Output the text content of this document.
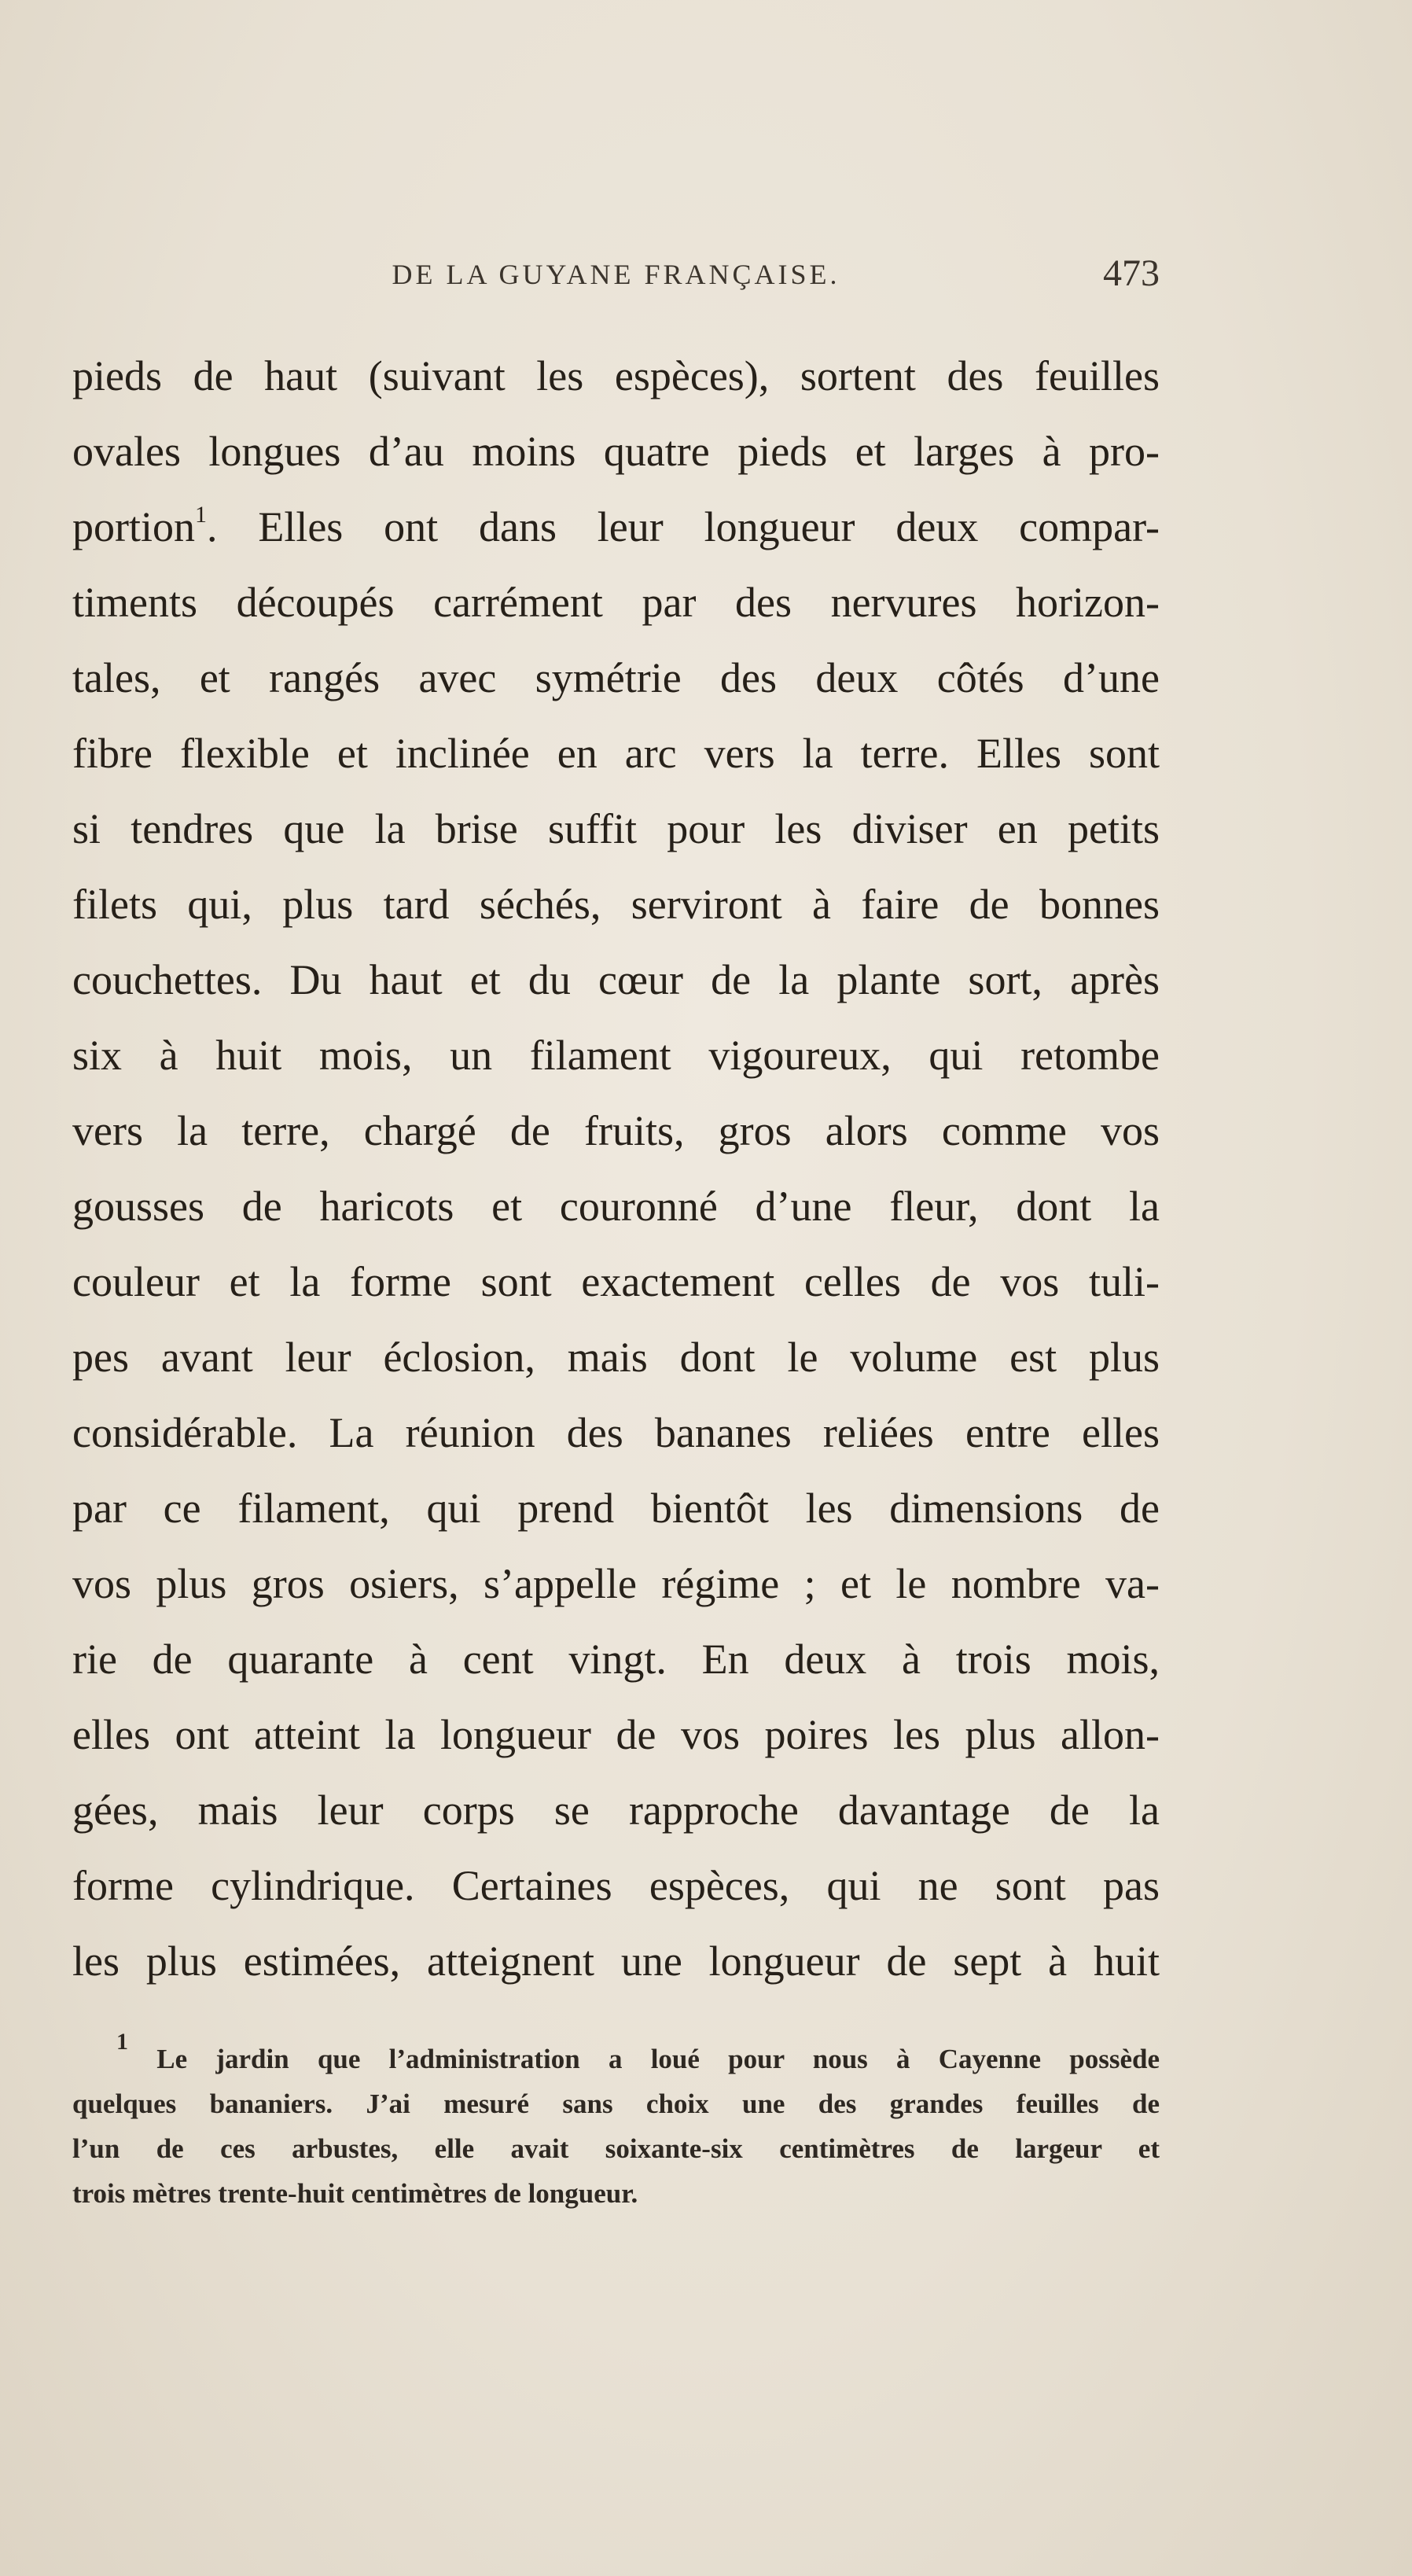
DE LA GUYANE FRANÇAISE.	473
pieds de haut (suivant les espèces), sortent des feuilles
ovales longues d’au moins quatre pieds et larges à pro-
portion$^1$. Elles ont dans leur longueur deux compar-
timents découpés carrément par des nervures horizon-
tales, et rangés avec symétrie des deux côtés d’une
fibre flexible et inclinée en arc vers la terre. Elles sont
si tendres que la brise suffit pour les diviser en petits
filets qui, plus tard séchés, serviront à faire de bonnes
couchettes. Du haut et du cœur de la plante sort, après
six à huit mois, un filament vigoureux, qui retombe
vers la terre, chargé de fruits, gros alors comme vos
gousses de haricots et couronné d’une fleur, dont la
couleur et la forme sont exactement celles de vos tuli-
pes avant leur éclosion, mais dont le volume est plus
considérable. La réunion des bananes reliées entre elles
par ce filament, qui prend bientôt les dimensions de
vos plus gros osiers, s’appelle régime ; et le nombre va-
rie de quarante à cent vingt. En deux à trois mois,
elles ont atteint la longueur de vos poires les plus allon-
gées, mais leur corps se rapproche davantage de la
forme cylindrique. Certaines espèces, qui ne sont pas
les plus estimées, atteignent une longueur de sept à huit
$^1$ Le jardin que l’administration a loué pour nous à Cayenne possède
quelques bananiers. J’ai mesuré sans choix une des grandes feuilles de
l’un de ces arbustes, elle avait soixante-six centimètres de largeur et
trois mètres trente-huit centimètres de longueur.
